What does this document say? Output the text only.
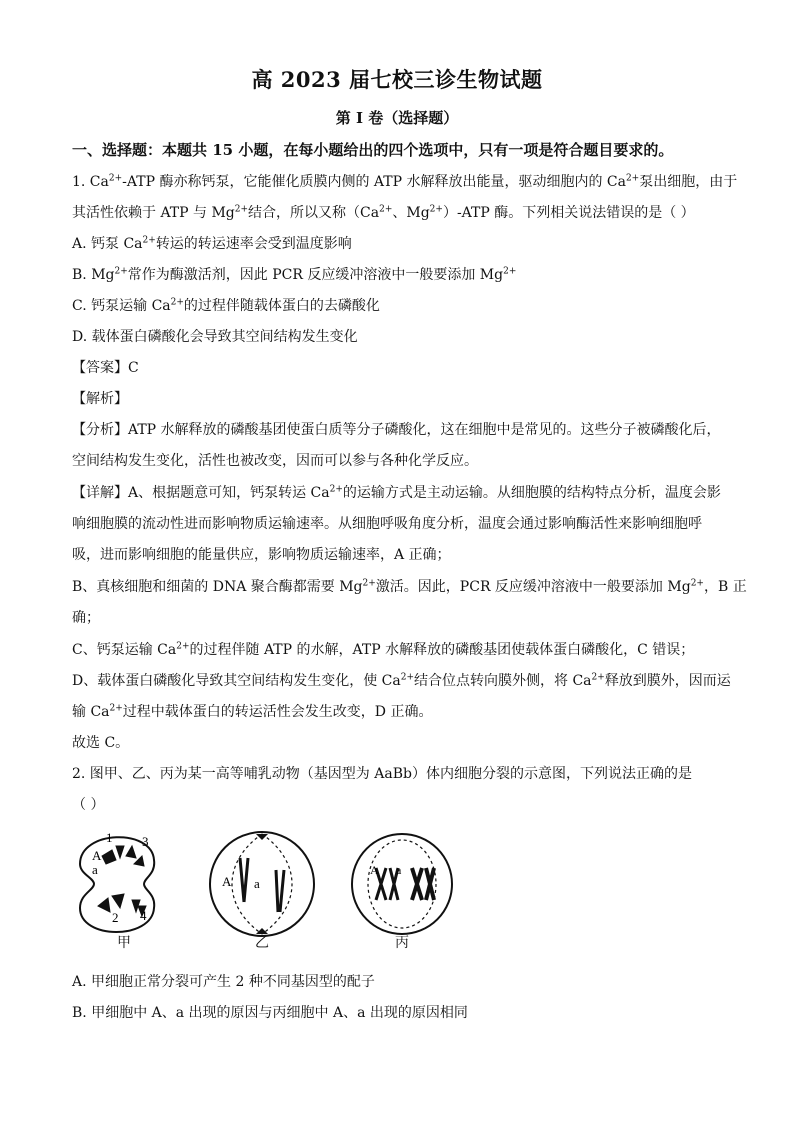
高 2023 届七校三诊生物试题
第 I 卷（选择题）
一、选择题：本题共 15 小题，在每小题给出的四个选项中，只有一项是符合题目要求的。
1. $Ca^{2+}$-ATP 酶亦称钙泵，它能催化质膜内侧的 ATP 水解释放出能量，驱动细胞内的 $Ca^{2+}$泵出细胞，由于
其活性依赖于 ATP 与 $Mg^{2+}$结合，所以又称（$Ca^{2+}$、$Mg^{2+}$）-ATP 酶。下列相关说法错误的是（ ）
A. 钙泵 $Ca^{2+}$转运的转运速率会受到温度影响
B. $Mg^{2+}$常作为酶激活剂，因此 PCR 反应缓冲溶液中一般要添加 $Mg^{2+}$
C. 钙泵运输 $Ca^{2+}$的过程伴随载体蛋白的去磷酸化
D. 载体蛋白磷酸化会导致其空间结构发生变化
【答案】C
【解析】
【分析】ATP 水解释放的磷酸基团使蛋白质等分子磷酸化，这在细胞中是常见的。这些分子被磷酸化后，
空间结构发生变化，活性也被改变，因而可以参与各种化学反应。
【详解】A、根据题意可知，钙泵转运 $Ca^{2+}$的运输方式是主动运输。从细胞膜的结构特点分析，温度会影
响细胞膜的流动性进而影响物质运输速率。从细胞呼吸角度分析，温度会通过影响酶活性来影响细胞呼
吸，进而影响细胞的能量供应，影响物质运输速率，A 正确；
B、真核细胞和细菌的 DNA 聚合酶都需要 $Mg^{2+}$激活。因此，PCR 反应缓冲溶液中一般要添加 $Mg^{2+}$，B 正
确；
C、钙泵运输 $Ca^{2+}$的过程伴随 ATP 的水解，ATP 水解释放的磷酸基团使载体蛋白磷酸化，C 错误；
D、载体蛋白磷酸化导致其空间结构发生变化，使 $Ca^{2+}$结合位点转向膜外侧，将 $Ca^{2+}$释放到膜外，因而运
输 $Ca^{2+}$过程中载体蛋白的转运活性会发生改变，D 正确。
故选 C。
2. 图甲、乙、丙为某一高等哺乳动物（基因型为 AaBb）体内细胞分裂的示意图，下列说法正确的是
（ ）
A
a
1 3
2 4
A a
A a
甲	乙	丙
A. 甲细胞正常分裂可产生 2 种不同基因型的配子
B. 甲细胞中 A、a 出现的原因与丙细胞中 A、a 出现的原因相同
